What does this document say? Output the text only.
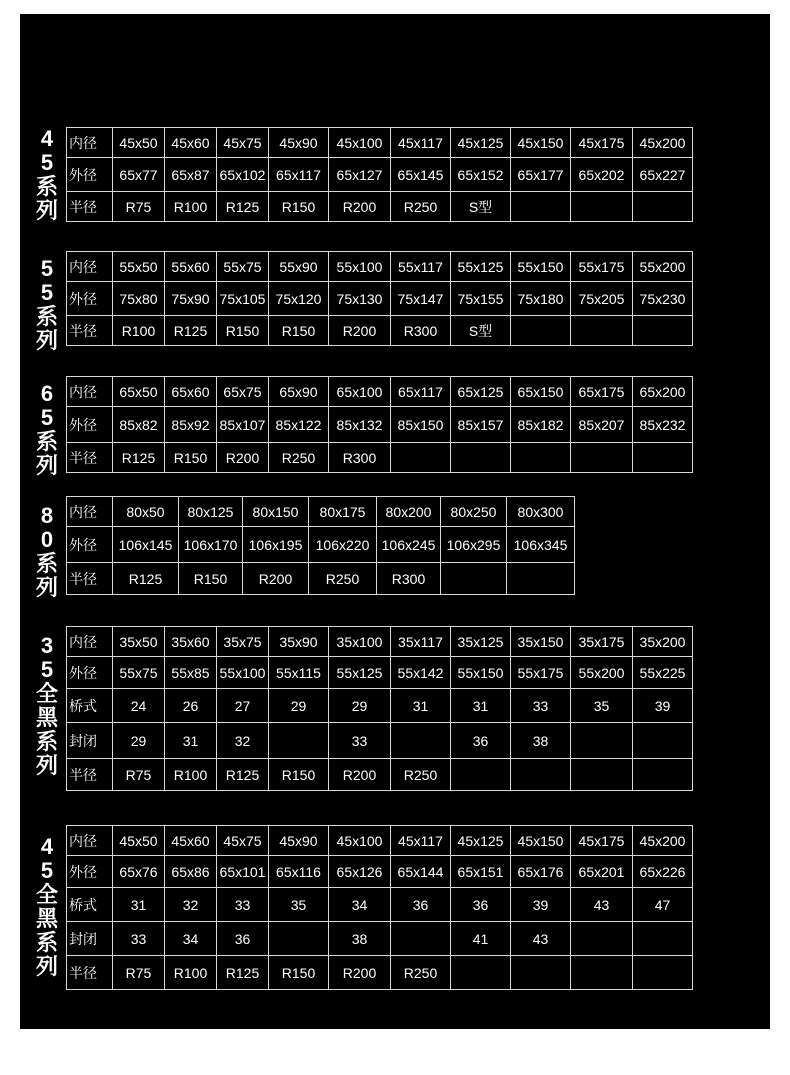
4
5
系
列
内径	45x50	45x60	45x75	45x90	45x100	45x117	45x125	45x150	45x175	45x200	
外径	65x77	65x87	65x102	65x117	65x127	65x145	65x152	65x177	65x202	65x227	
半径	R75	R100	R125	R150	R200	R250	S型				
5
5
系
列
内径	55x50	55x60	55x75	55x90	55x100	55x117	55x125	55x150	55x175	55x200	
外径	75x80	75x90	75x105	75x120	75x130	75x147	75x155	75x180	75x205	75x230	
半径	R100	R125	R150	R150	R200	R300	S型				
6
5
系
列
内径	65x50	65x60	65x75	65x90	65x100	65x117	65x125	65x150	65x175	65x200	
外径	85x82	85x92	85x107	85x122	85x132	85x150	85x157	85x182	85x207	85x232	
半径	R125	R150	R200	R250	R300						
8
0
系
列
内径	80x50	80x125	80x150	80x175	80x200	80x250	80x300
外径	106x145	106x170	106x195	106x220	106x245	106x295	106x345
半径	R125	R150	R200	R250	R300		
3
5
全
黑
系
列
内径	35x50	35x60	35x75	35x90	35x100	35x117	35x125	35x150	35x175	35x200	
外径	55x75	55x85	55x100	55x115	55x125	55x142	55x150	55x175	55x200	55x225	
桥式	24	26	27	29	29	31	31	33	35	39	
封闭	29	31	32		33		36	38			
半径	R75	R100	R125	R150	R200	R250					
4
5
全
黑
系
列
内径	45x50	45x60	45x75	45x90	45x100	45x117	45x125	45x150	45x175	45x200	
外径	65x76	65x86	65x101	65x116	65x126	65x144	65x151	65x176	65x201	65x226	
桥式	31	32	33	35	34	36	36	39	43	47	
封闭	33	34	36		38		41	43			
半径	R75	R100	R125	R150	R200	R250					
